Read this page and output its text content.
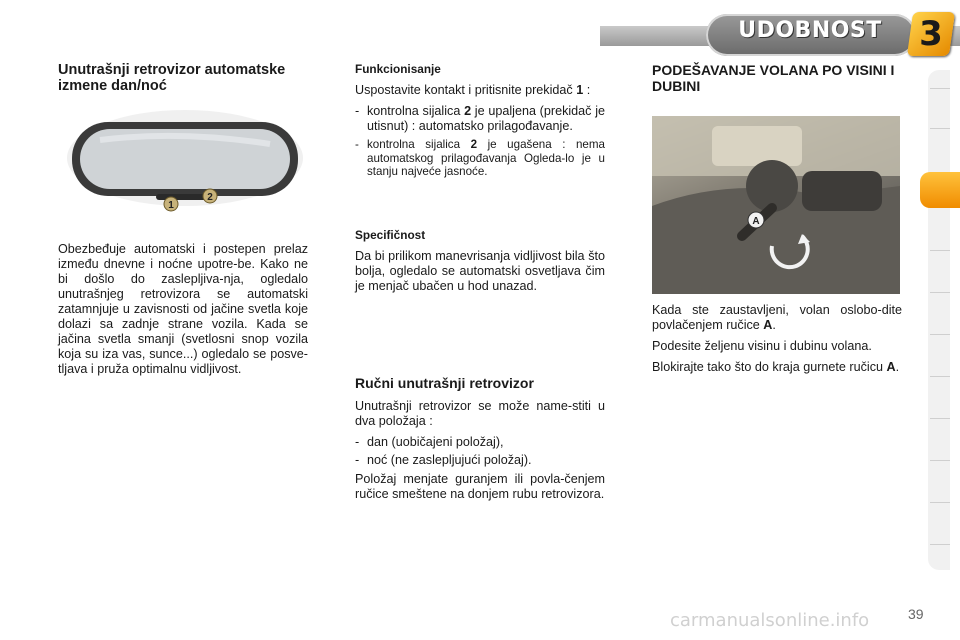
UDOBNOST	3
Unutrašnji retrovizor automatske izmene dan/noć
1
2

Obezbeđuje automatski i postepen prelaz između dnevne i noćne upotre-be. Kako ne bi došlo do zaslepljiva-nja, ogledalo unutrašnjeg retrovizora se automatski zatamnjuje u zavisnosti od jačine svetla koje dolazi sa zadnje strane vozila. Kada se jačina svetla smanji (svetlosni snop vozila koja su iza vas, sunce...) ogledalo se posve-tljava i pruža optimalnu vidljivost.

Funkcionisanje

Uspostavite kontakt i pritisnite prekidač 1 :

- kontrolna sijalica 2 je upaljena (prekidač je utisnut) : automatsko prilagođavanje.
- kontrolna sijalica 2 je ugašena : nema automatskog prilagođavanja Ogleda-lo je u stanju najveće jasnoće.
Specifičnost

Da bi prilikom manevrisanja vidljivost bila što bolja, ogledalo se automatski osvetljava čim je menjač ubačen u hod unazad.

Ručni unutrašnji retrovizor

Unutrašnji retrovizor se može name-stiti u dva položaja :

- dan (uobičajeni položaj),
- noć (ne zaslepljujući položaj).

Položaj menjate guranjem ili povla-čenjem ručice smeštene na donjem rubu retrovizora.

PODEŠAVANJE VOLANA PO VISINI I DUBINI
A

Kada ste zaustavljeni, volan oslobo-dite povlačenjem ručice A.

Podesite željenu visinu i dubinu volana.

Blokirajte tako što do kraja gurnete ručicu A.

carmanualsonline.info	39
